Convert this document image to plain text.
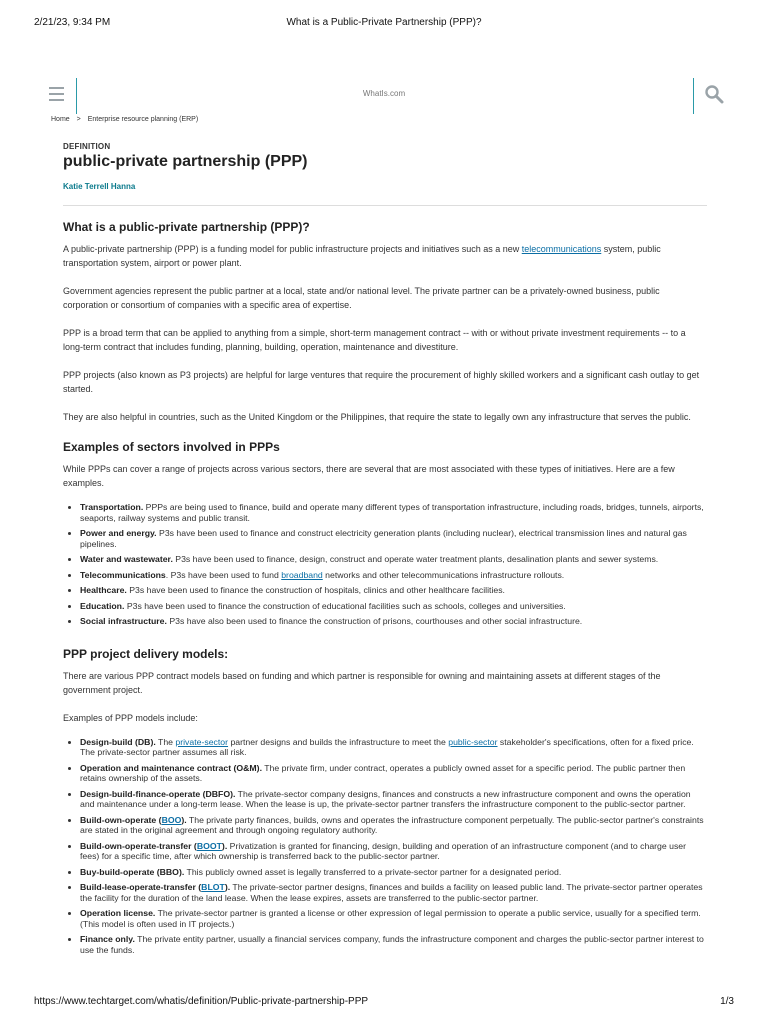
2/21/23, 9:34 PM	What is a Public-Private Partnership (PPP)?
WhatIs.com
Home > Enterprise resource planning (ERP)
DEFINITION
public-private partnership (PPP)
Katie Terrell Hanna
What is a public-private partnership (PPP)?

A public-private partnership (PPP) is a funding model for public infrastructure projects and initiatives such as a new telecommunications system, public transportation system, airport or power plant.

Government agencies represent the public partner at a local, state and/or national level. The private partner can be a privately-owned business, public corporation or consortium of companies with a specific area of expertise.

PPP is a broad term that can be applied to anything from a simple, short-term management contract -- with or without private investment requirements -- to a long-term contract that includes funding, planning, building, operation, maintenance and divestiture.

PPP projects (also known as P3 projects) are helpful for large ventures that require the procurement of highly skilled workers and a significant cash outlay to get started.

They are also helpful in countries, such as the United Kingdom or the Philippines, that require the state to legally own any infrastructure that serves the public.

Examples of sectors involved in PPPs

While PPPs can cover a range of projects across various sectors, there are several that are most associated with these types of initiatives. Here are a few examples.

• Transportation. PPPs are being used to finance, build and operate many different types of transportation infrastructure, including roads, bridges, tunnels, airports, seaports, railway systems and public transit.
• Power and energy. P3s have been used to finance and construct electricity generation plants (including nuclear), electrical transmission lines and natural gas pipelines.
• Water and wastewater. P3s have been used to finance, design, construct and operate water treatment plants, desalination plants and sewer systems.
• Telecommunications. P3s have been used to fund broadband networks and other telecommunications infrastructure rollouts.
• Healthcare. P3s have been used to finance the construction of hospitals, clinics and other healthcare facilities.
• Education. P3s have been used to finance the construction of educational facilities such as schools, colleges and universities.
• Social infrastructure. P3s have also been used to finance the construction of prisons, courthouses and other social infrastructure.
PPP project delivery models:

There are various PPP contract models based on funding and which partner is responsible for owning and maintaining assets at different stages of the government project.

Examples of PPP models include:

• Design-build (DB). The private-sector partner designs and builds the infrastructure to meet the public-sector stakeholder's specifications, often for a fixed price. The private-sector partner assumes all risk.
• Operation and maintenance contract (O&M). The private firm, under contract, operates a publicly owned asset for a specific period. The public partner then retains ownership of the assets.
• Design-build-finance-operate (DBFO). The private-sector company designs, finances and constructs a new infrastructure component and owns the operation and maintenance under a long-term lease. When the lease is up, the private-sector partner transfers the infrastructure component to the public-sector partner.
• Build-own-operate (BOO). The private party finances, builds, owns and operates the infrastructure component perpetually. The public-sector partner's constraints are stated in the original agreement and through ongoing regulatory authority.
• Build-own-operate-transfer (BOOT). Privatization is granted for financing, design, building and operation of an infrastructure component (and to charge user fees) for a specific time, after which ownership is transferred back to the public-sector partner.
• Buy-build-operate (BBO). This publicly owned asset is legally transferred to a private-sector partner for a designated period.
• Build-lease-operate-transfer (BLOT). The private-sector partner designs, finances and builds a facility on leased public land. The private-sector partner operates the facility for the duration of the land lease. When the lease expires, assets are transferred to the public-sector partner.
• Operation license. The private-sector partner is granted a license or other expression of legal permission to operate a public service, usually for a specified term. (This model is often used in IT projects.)
• Finance only. The private entity partner, usually a financial services company, funds the infrastructure component and charges the public-sector partner interest to use the funds.
https://www.techtarget.com/whatis/definition/Public-private-partnership-PPP	1/3
